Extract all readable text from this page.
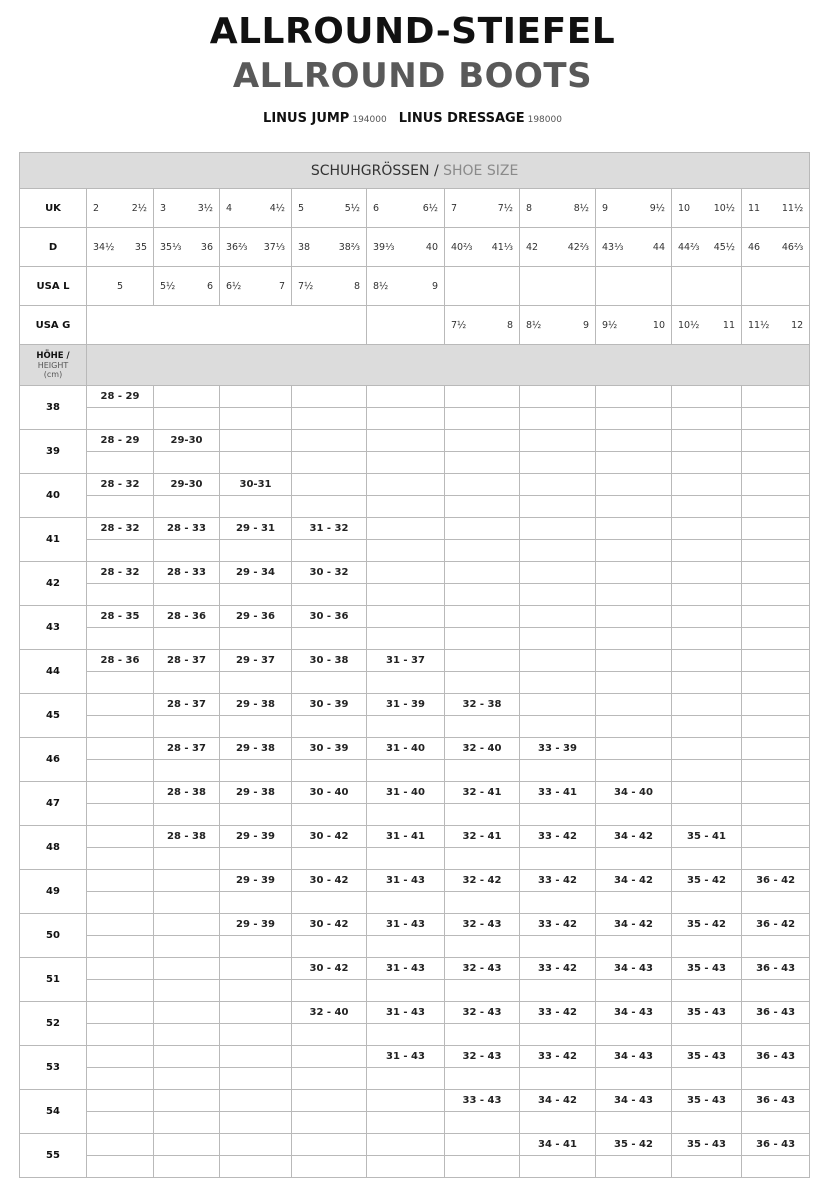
ALLROUND-STIEFEL
ALLROUND BOOTS
LINUS JUMP 194000 LINUS DRESSAGE 198000
SCHUHGRÖSSEN / SHOE SIZE										
UK	2 2½	3 3½	4 4½	5 5½	6 6½	7 7½	8 8½	9 9½	10 10½	11 11½

D	34½ 35	35⅓ 36	36⅔ 37⅓	38 38⅔	39⅓ 40	40⅔ 41⅓	42 42⅔	43⅓ 44	44⅔ 45½	46 46⅔

USA L	5	5½ 6	6½ 7	7½ 8	8½ 9					

USA G						7½ 8	8½ 9	9½ 10	10½ 11	11½ 12

HÖHE /
HEIGHT
(cm)										

38	28 - 29									

39	28 - 29	29-30								

40	28 - 32	29-30	30-31							

41	28 - 32	28 - 33	29 - 31	31 - 32						

42	28 - 32	28 - 33	29 - 34	30 - 32						

43	28 - 35	28 - 36	29 - 36	30 - 36						

44	28 - 36	28 - 37	29 - 37	30 - 38	31 - 37					

45		28 - 37	29 - 38	30 - 39	31 - 39	32 - 38				

46		28 - 37	29 - 38	30 - 39	31 - 40	32 - 40	33 - 39			

47		28 - 38	29 - 38	30 - 40	31 - 40	32 - 41	33 - 41	34 - 40		

48		28 - 38	29 - 39	30 - 42	31 - 41	32 - 41	33 - 42	34 - 42	35 - 41	

49			29 - 39	30 - 42	31 - 43	32 - 42	33 - 42	34 - 42	35 - 42	36 - 42

50			29 - 39	30 - 42	31 - 43	32 - 43	33 - 42	34 - 42	35 - 42	36 - 42

51				30 - 42	31 - 43	32 - 43	33 - 42	34 - 43	35 - 43	36 - 43

52				32 - 40	31 - 43	32 - 43	33 - 42	34 - 43	35 - 43	36 - 43

53					31 - 43	32 - 43	33 - 42	34 - 43	35 - 43	36 - 43

54						33 - 43	34 - 42	34 - 43	35 - 43	36 - 43

55							34 - 41	35 - 42	35 - 43	36 - 43
